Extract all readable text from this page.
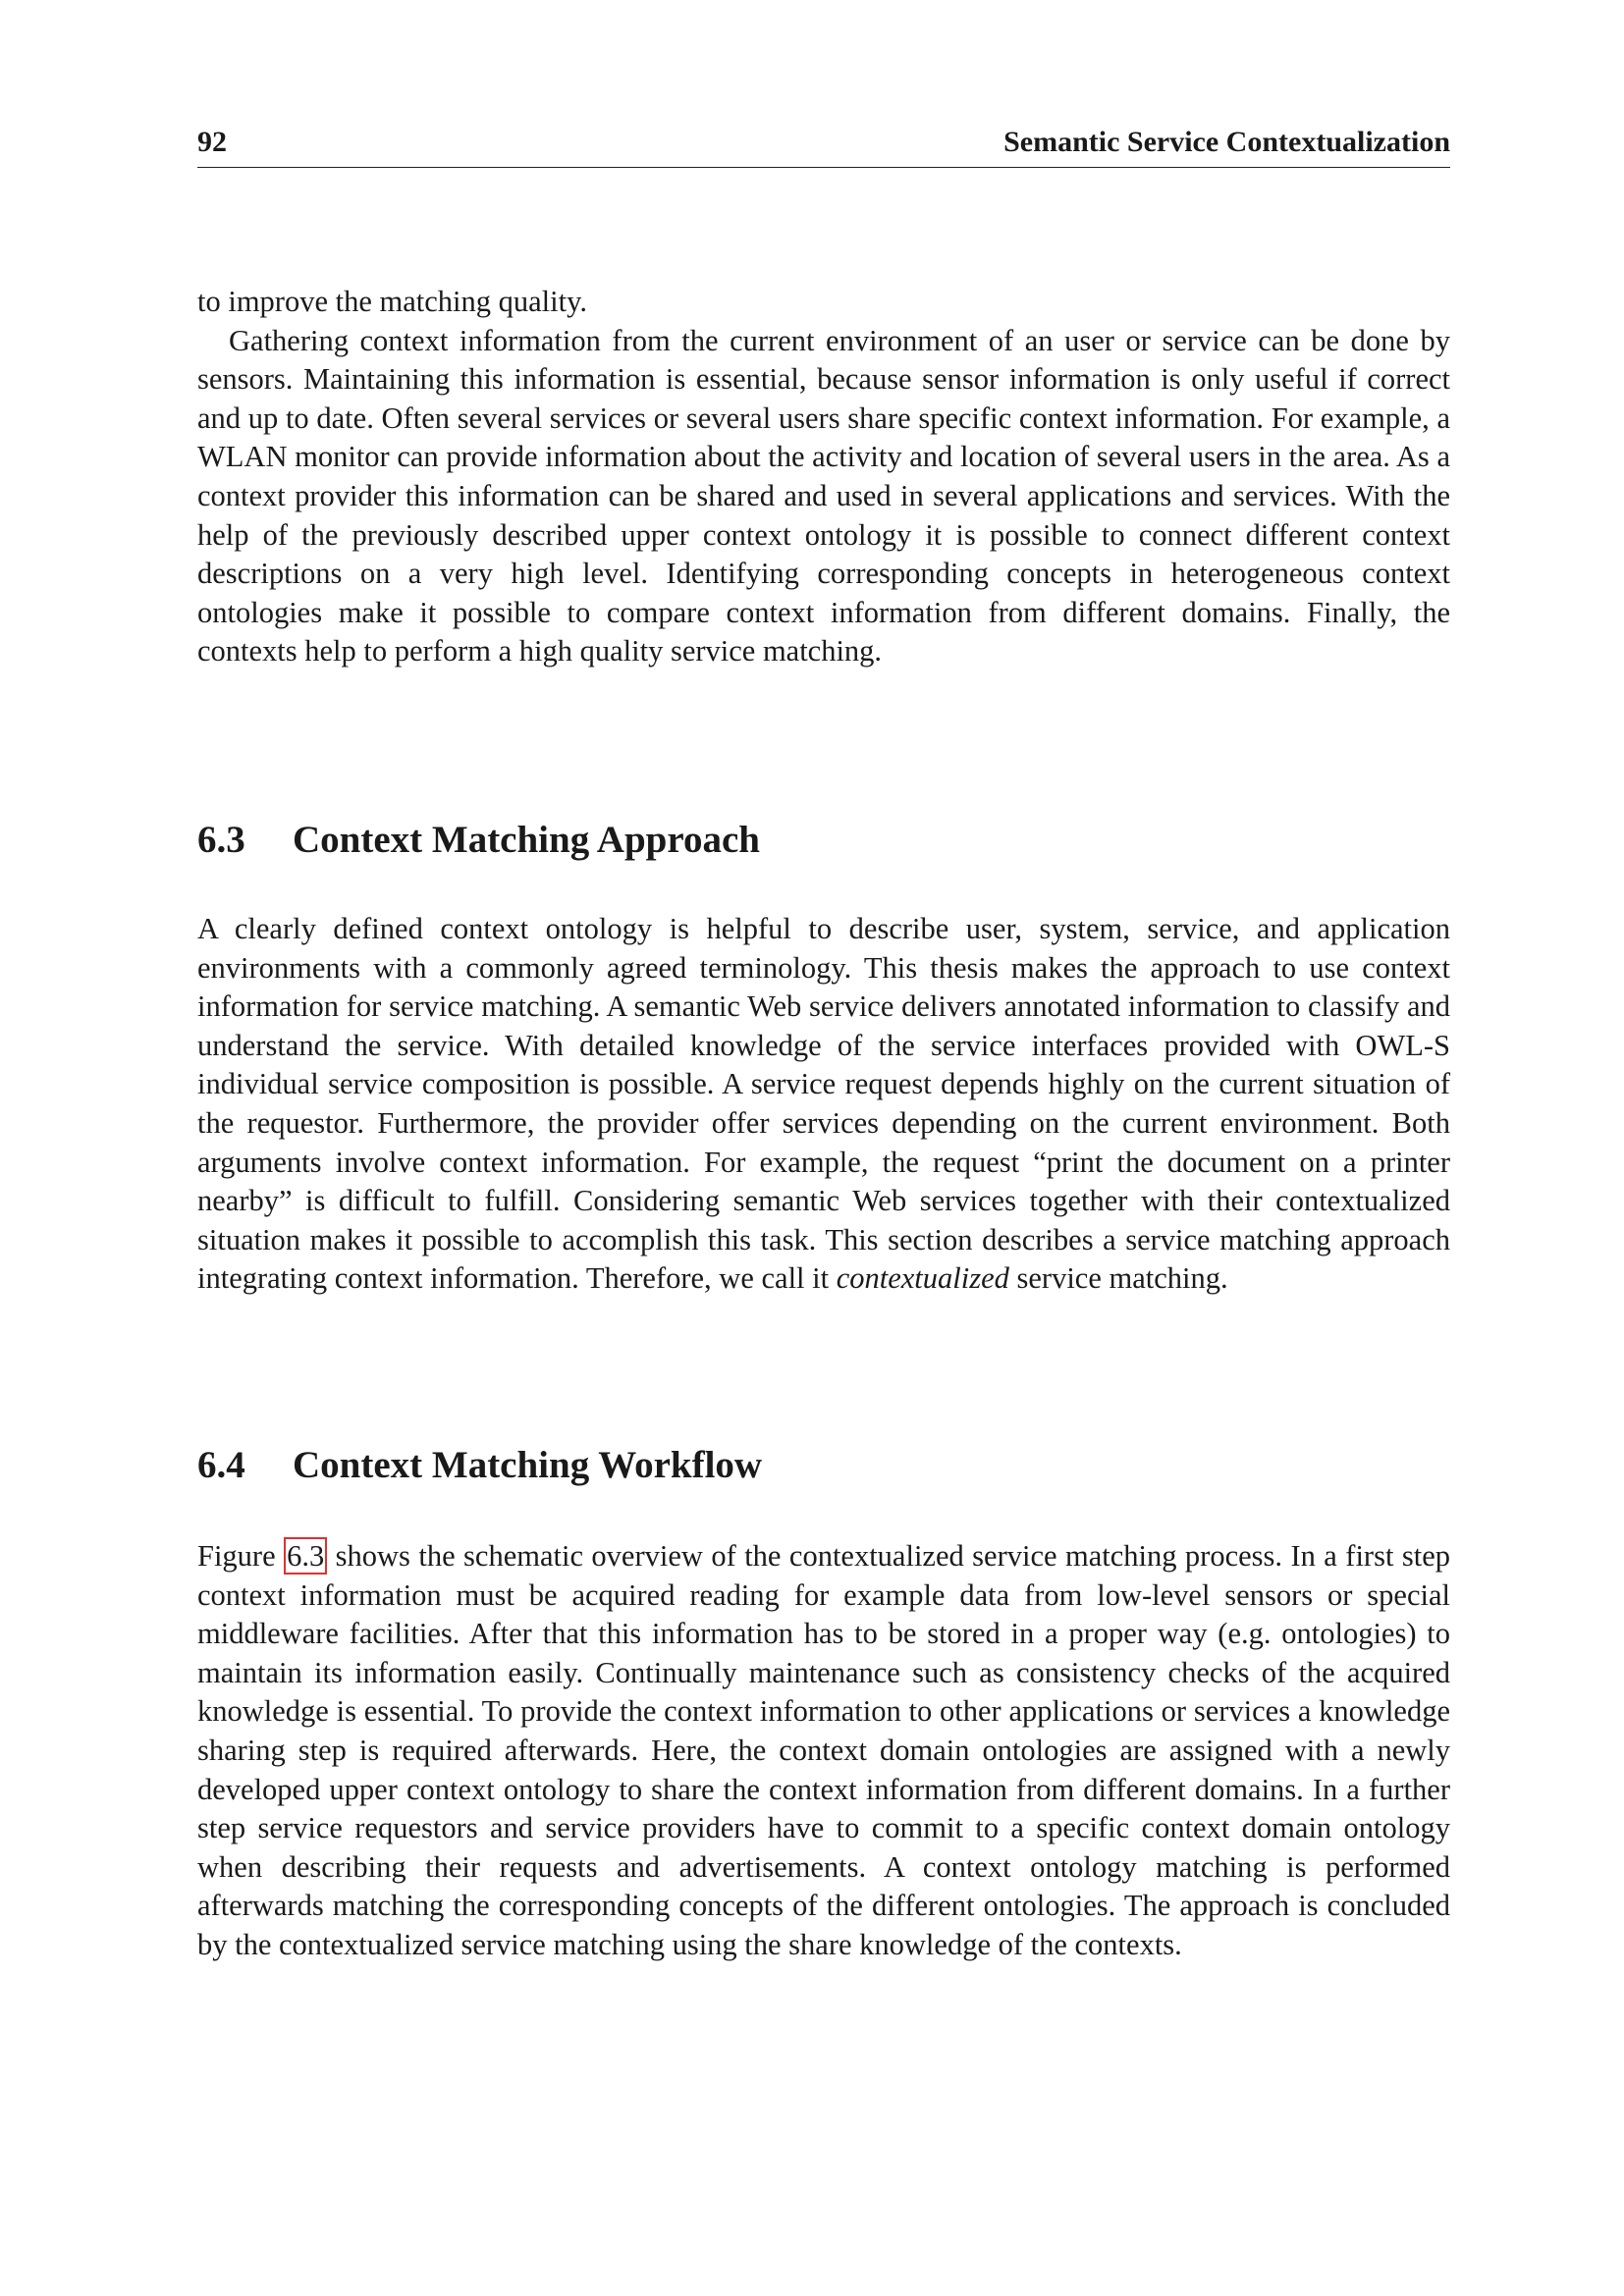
92	Semantic Service Contextualization

to improve the matching quality.

Gathering context information from the current environment of an user or service can be done by sensors. Maintaining this information is essential, because sensor information is only useful if correct and up to date. Often several services or several users share specific context information. For example, a WLAN monitor can provide information about the activity and location of several users in the area. As a context provider this information can be shared and used in several applications and services. With the help of the previously described upper context ontology it is possible to connect different context descriptions on a very high level. Identifying corresponding concepts in heterogeneous context ontologies make it possible to compare context information from different domains. Finally, the contexts help to perform a high quality service matching.

6.3 Context Matching Approach

A clearly defined context ontology is helpful to describe user, system, service, and application environments with a commonly agreed terminology. This thesis makes the approach to use context information for service matching. A semantic Web service delivers annotated information to classify and understand the service. With detailed knowledge of the service interfaces provided with OWL-S individual service composition is possible. A service request depends highly on the current situation of the requestor. Furthermore, the provider offer services depending on the current environment. Both arguments involve context information. For example, the request “print the document on a printer nearby” is difficult to fulfill. Considering semantic Web services together with their contextualized situation makes it possible to accomplish this task. This section describes a service matching approach integrating context information. Therefore, we call it contextualized service matching.

6.4 Context Matching Workflow

Figure 6.3 shows the schematic overview of the contextualized service matching process. In a first step context information must be acquired reading for example data from low-level sensors or special middleware facilities. After that this information has to be stored in a proper way (e.g. ontologies) to maintain its information easily. Continually maintenance such as consistency checks of the acquired knowledge is essential. To provide the context information to other applications or services a knowledge sharing step is required afterwards. Here, the context domain ontologies are assigned with a newly developed upper context ontology to share the context information from different domains. In a further step service requestors and service providers have to commit to a specific context domain ontology when describing their requests and advertisements. A context ontology matching is performed afterwards matching the corresponding concepts of the different ontologies. The approach is concluded by the contextualized service matching using the share knowledge of the contexts.
